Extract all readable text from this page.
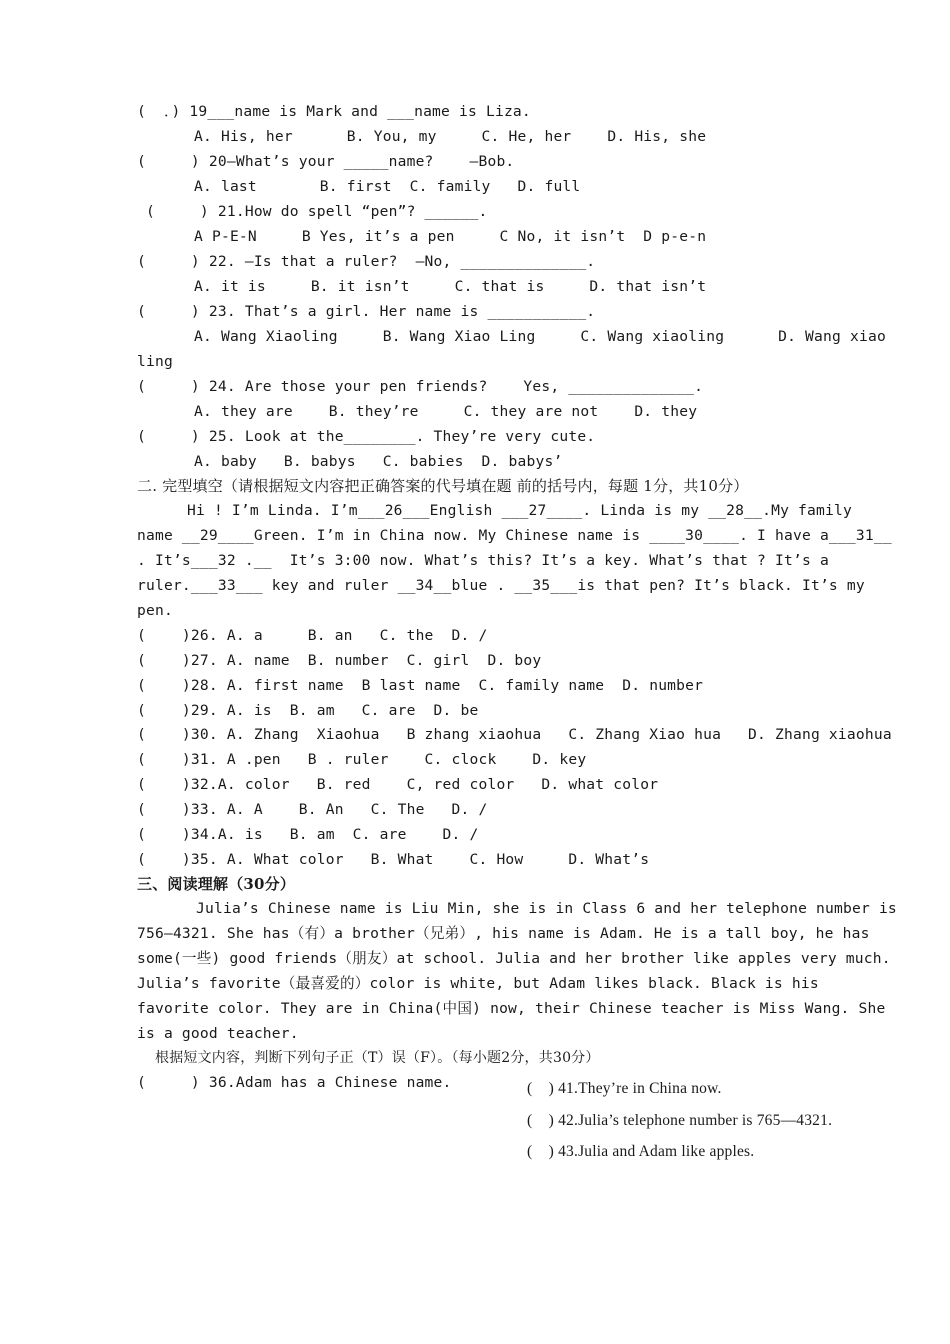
(  ．) 19___name is Mark and ___name is Liza.
A. His, her      B. You, my     C. He, her    D. His, she
(     ) 20—What’s your _____name?    —Bob.
A. last       B. first  C. family   D. full
(     ) 21.How do spell “pen”? ______.
A P-E-N     B Yes, it’s a pen     C No, it isn’t  D p-e-n
(     ) 22. —Is that a ruler?  —No, ______________.
A. it is     B. it isn’t     C. that is     D. that isn’t
(     ) 23. That’s a girl. Her name is ___________.
A. Wang Xiaoling     B. Wang Xiao Ling     C. Wang xiaoling      D. Wang xiao
ling
(     ) 24. Are those your pen friends?    Yes, ______________.
A. they are    B. they’re     C. they are not    D. they
(     ) 25. Look at the________. They’re very cute.
A. baby   B. babys   C. babies  D. babys’
二. 完型填空（请根据短文内容把正确答案的代号填在题 前的括号内，每题 1分，共10分）
Hi ! I’m Linda. I’m___26___English ___27____. Linda is my __28__.My family
name __29____Green. I’m in China now. My Chinese name is ____30____. I have a___31__
. It’s___32 .__  It’s 3:00 now. What’s this? It’s a key. What’s that ? It’s a
ruler.___33___ key and ruler __34__blue . __35___is that pen? It’s black. It’s my
pen.
(    )26. A. a     B. an   C. the  D. /
(    )27. A. name  B. number  C. girl  D. boy
(    )28. A. first name  B last name  C. family name  D. number
(    )29. A. is  B. am   C. are  D. be
(    )30. A. Zhang  Xiaohua   B zhang xiaohua   C. Zhang Xiao hua   D. Zhang xiaohua
(    )31. A .pen   B . ruler    C. clock    D. key
(    )32.A. color   B. red    C, red color   D. what color
(    )33. A. A    B. An   C. The   D. /
(    )34.A. is   B. am  C. are    D. /
(    )35. A. What color   B. What    C. How     D. What’s
三、阅读理解（30分）
Julia’s Chinese name is Liu Min, she is in Class 6 and her telephone number is
756—4321. She has（有）a brother（兄弟）, his name is Adam. He is a tall boy, he has
some(一些) good friends（朋友）at school. Julia and her brother like apples very much.
Julia’s favorite（最喜爱的）color is white, but Adam likes black. Black is his
favorite color. They are in China(中国) now, their Chinese teacher is Miss Wang. She
is a good teacher.
根据短文内容，判断下列句子正（T）误（F）。（每小题2分，共30分）
(     ) 36.Adam has a Chinese name.	(    ) 41.They’re in China now.
(    ) 42.Julia’s telephone number is 765—4321.
(    ) 43.Julia and Adam like apples.
